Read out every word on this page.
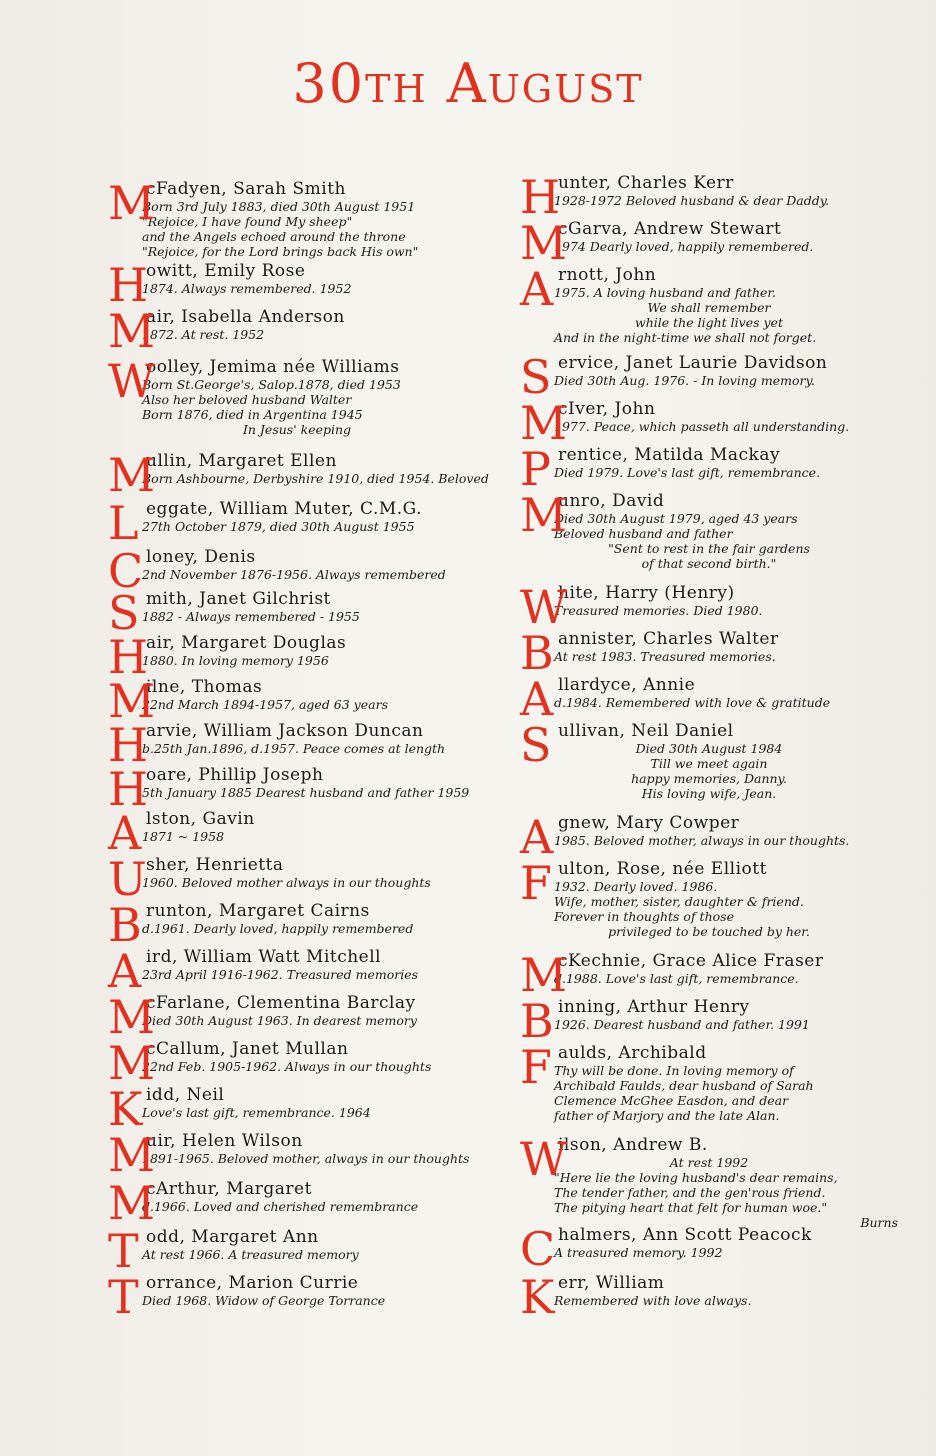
30th August
M
cFadyen, Sarah Smith
Born 3rd July 1883, died 30th August 1951
"Rejoice, I have found My sheep"
and the Angels echoed around the throne
"Rejoice, for the Lord brings back His own"
H
owitt, Emily Rose
1874. Always remembered. 1952
M
air, Isabella Anderson
1872. At rest. 1952
W
oolley, Jemima née Williams
Born St.George's, Salop.1878, died 1953
Also her beloved husband Walter
Born 1876, died in Argentina 1945
In Jesus' keeping
M
ullin, Margaret Ellen
Born Ashbourne, Derbyshire 1910, died 1954. Beloved
L eggate, William Muter, C.M.G.
27th October 1879, died 30th August 1955
C loney, Denis
2nd November 1876-1956. Always remembered
S mith, Janet Gilchrist
1882 - Always remembered - 1955
H
air, Margaret Douglas
1880. In loving memory 1956
M
ilne, Thomas
22nd March 1894-1957, aged 63 years
H
arvie, William Jackson Duncan
b.25th Jan.1896, d.1957. Peace comes at length
H
oare, Phillip Joseph
5th January 1885 Dearest husband and father 1959
A lston, Gavin
1871 ~ 1958
U sher, Henrietta
1960. Beloved mother always in our thoughts
B runton, Margaret Cairns
d.1961. Dearly loved, happily remembered
A ird, William Watt Mitchell
23rd April 1916-1962. Treasured memories
M
cFarlane, Clementina Barclay
Died 30th August 1963. In dearest memory
M
cCallum, Janet Mullan
22nd Feb. 1905-1962. Always in our thoughts
K idd, Neil
Love's last gift, remembrance. 1964
M
uir, Helen Wilson
1891-1965. Beloved mother, always in our thoughts
M
cArthur, Margaret
d.1966. Loved and cherished remembrance
T odd, Margaret Ann
At rest 1966. A treasured memory
T orrance, Marion Currie
Died 1968. Widow of George Torrance
H
unter, Charles Kerr
1928-1972 Beloved husband & dear Daddy.
M
cGarva, Andrew Stewart
1974 Dearly loved, happily remembered.
A rnott, John
1975. A loving husband and father.
We shall remember
while the light lives yet
And in the night-time we shall not forget.
S ervice, Janet Laurie Davidson
Died 30th Aug. 1976. - In loving memory.
M
cIver, John
1977. Peace, which passeth all understanding.
P rentice, Matilda Mackay
Died 1979. Love's last gift, remembrance.
M
unro, David
Died 30th August 1979, aged 43 years
Beloved husband and father
"Sent to rest in the fair gardens
of that second birth."
W
hite, Harry (Henry)
Treasured memories. Died 1980.
B annister, Charles Walter
At rest 1983. Treasured memories.
A llardyce, Annie
d.1984. Remembered with love & gratitude
S ullivan, Neil Daniel
Died 30th August 1984
Till we meet again
happy memories, Danny.
His loving wife, Jean.
A gnew, Mary Cowper
1985. Beloved mother, always in our thoughts.
F ulton, Rose, née Elliott
1932. Dearly loved. 1986.
Wife, mother, sister, daughter & friend.
Forever in thoughts of those
privileged to be touched by her.
M
cKechnie, Grace Alice Fraser
d.1988. Love's last gift, remembrance.
B inning, Arthur Henry
1926. Dearest husband and father. 1991
F aulds, Archibald
Thy will be done. In loving memory of
Archibald Faulds, dear husband of Sarah
Clemence McGhee Easdon, and dear
father of Marjory and the late Alan.
W
ilson, Andrew B.
At rest 1992
"Here lie the loving husband's dear remains,
The tender father, and the gen'rous friend.
The pitying heart that felt for human woe."
Burns
C halmers, Ann Scott Peacock
A treasured memory. 1992
K err, William
Remembered with love always.
